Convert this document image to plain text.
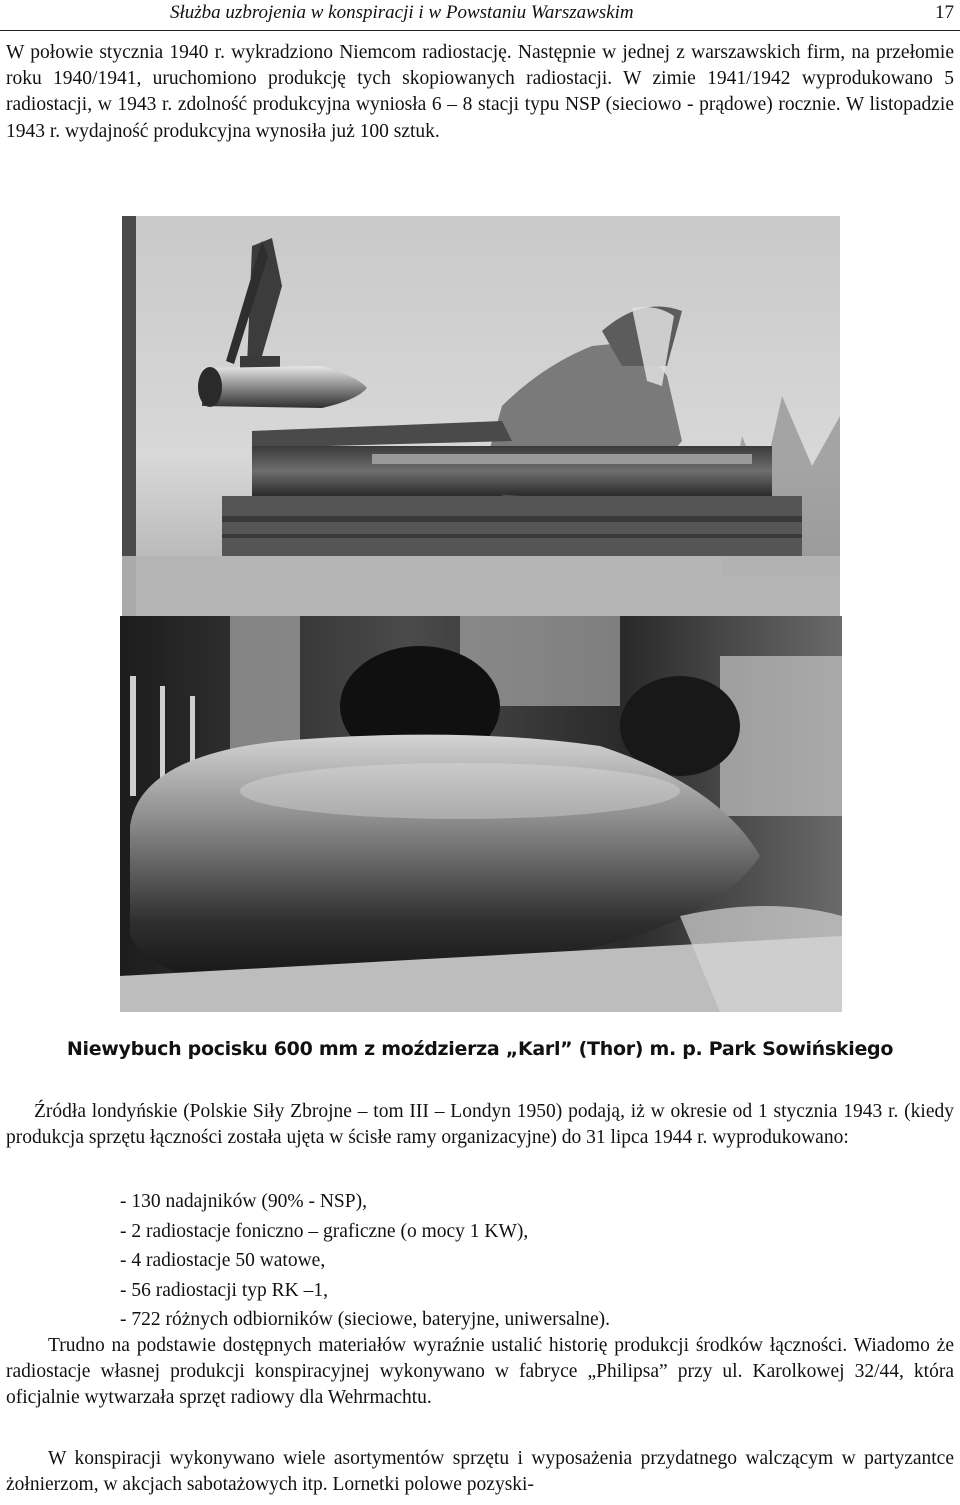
Służba uzbrojenia w konspiracji i w Powstaniu Warszawskim	17

W połowie stycznia 1940 r. wykradziono Niemcom radiostację. Następnie w jednej z warszawskich firm, na przełomie roku 1940/1941, uruchomiono produkcję tych skopiowanych radiostacji. W zimie 1941/1942 wyprodukowano 5 radiostacji, w 1943 r. zdolność produkcyjna wyniosła 6 – 8 stacji typu NSP (sieciowo - prądowe) rocznie. W listopadzie 1943 r. wydajność produkcyjna wynosiła już 100 sztuk.

Niewybuch pocisku 600 mm z moździerza „Karl” (Thor) m. p. Park Sowińskiego

Źródła londyńskie (Polskie Siły Zbrojne – tom III – Londyn 1950) podają, iż w okresie od 1 stycznia 1943 r. (kiedy produkcja sprzętu łączności została ujęta w ścisłe ramy organizacyjne) do 31 lipca 1944 r. wyprodukowano:

- 130 nadajników (90% - NSP),
- 2 radiostacje foniczno – graficzne (o mocy 1 KW),
- 4 radiostacje 50 watowe,
- 56 radiostacji typ RK –1,
- 722 różnych odbiorników (sieciowe, bateryjne, uniwersalne).

Trudno na podstawie dostępnych materiałów wyraźnie ustalić historię produkcji środków łączności. Wiadomo że radiostacje własnej produkcji konspiracyjnej wykonywano w fabryce „Philipsa” przy ul. Karolkowej 32/44, która oficjalnie wytwarzała sprzęt radiowy dla Wehrmachtu.

W konspiracji wykonywano wiele asortymentów sprzętu i wyposażenia przydatnego walczącym w partyzantce żołnierzom, w akcjach sabotażowych itp. Lornetki polowe pozyski-
